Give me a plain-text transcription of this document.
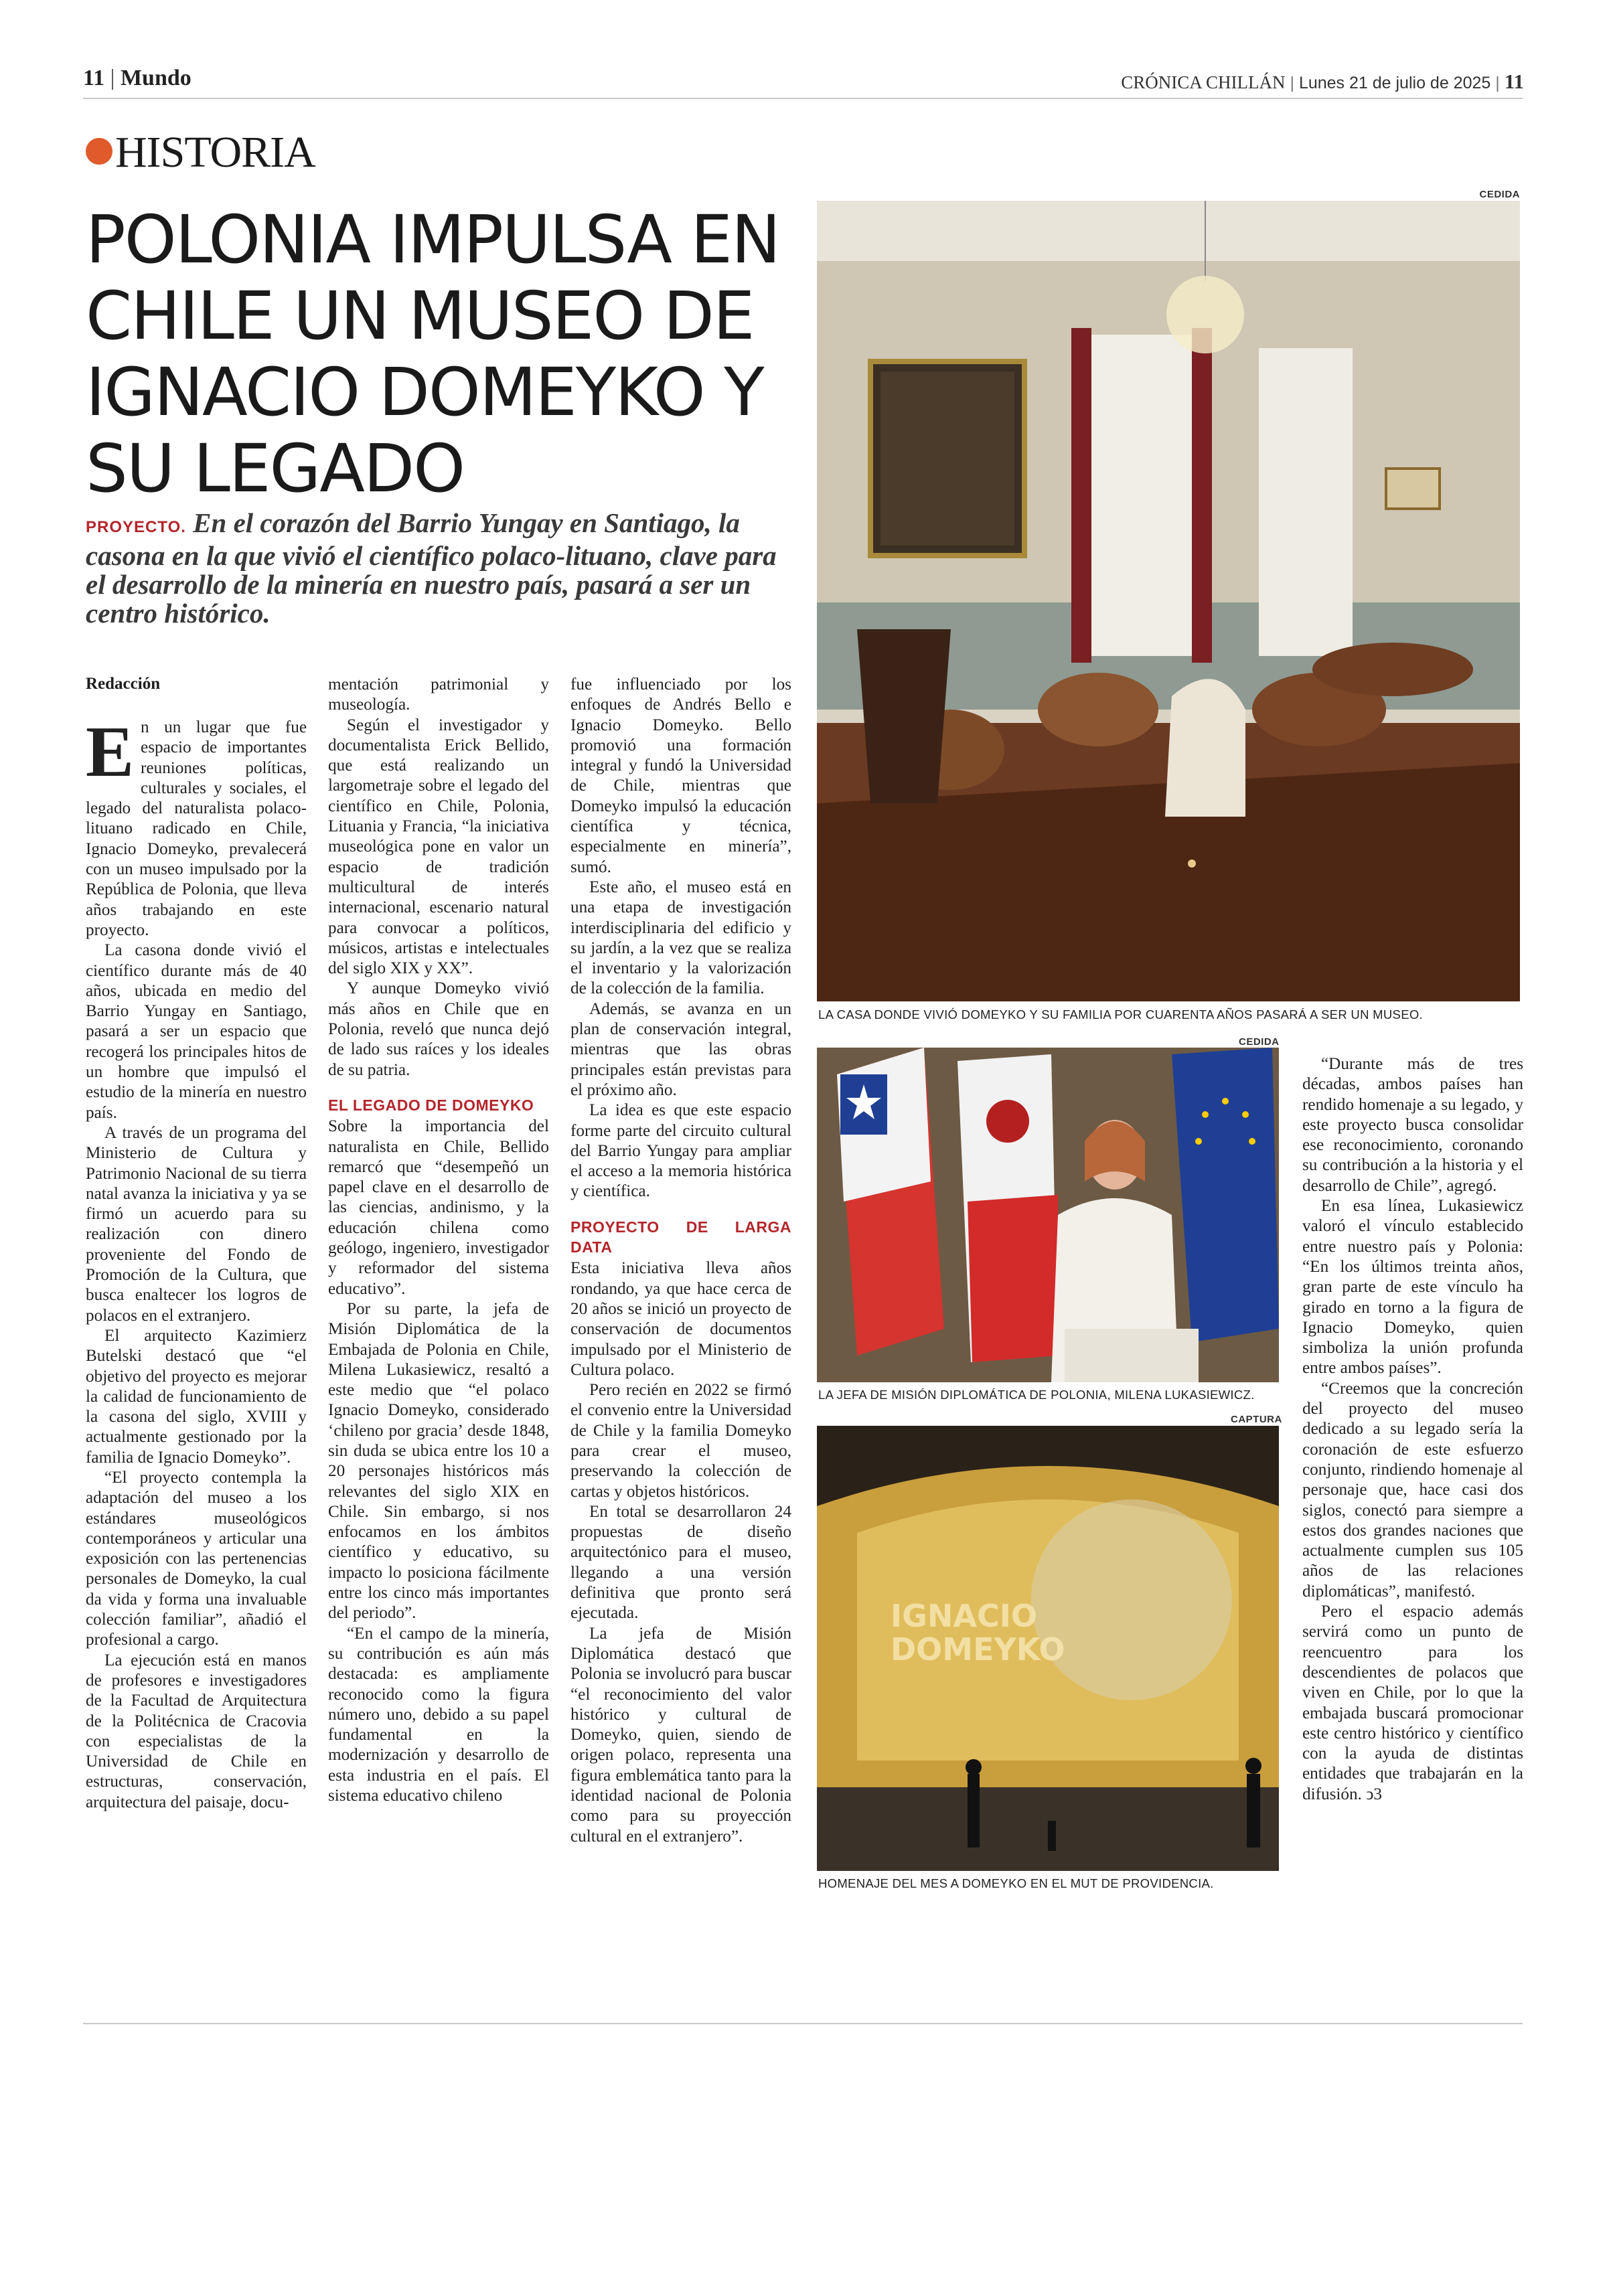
11 | Mundo	CRÓNICA CHILLÁN | Lunes 21 de julio de 2025 | 11
HISTORIA
POLONIA IMPULSA EN CHILE UN MUSEO DE IGNACIO DOMEYKO Y SU LEGADO
PROYECTO. En el corazón del Barrio Yungay en Santiago, la casona en la que vivió el científico polaco-lituano, clave para el desarrollo de la minería en nuestro país, pasará a ser un centro histórico.
Redacción
E n un lugar que fue espacio de importantes reuniones políticas, culturales y sociales, el legado del naturalista polaco-lituano radicado en Chile, Ignacio Domeyko, prevalecerá con un museo impulsado por la República de Polonia, que lleva años trabajando en este proyecto.

La casona donde vivió el científico durante más de 40 años, ubicada en medio del Barrio Yungay en Santiago, pasará a ser un espacio que recogerá los principales hitos de un hombre que impulsó el estudio de la minería en nuestro país.

A través de un programa del Ministerio de Cultura y Patrimonio Nacional de su tierra natal avanza la iniciativa y ya se firmó un acuerdo para su realización con dinero proveniente del Fondo de Promoción de la Cultura, que busca enaltecer los logros de polacos en el extranjero.

El arquitecto Kazimierz Butelski destacó que “el objetivo del proyecto es mejorar la calidad de funcionamiento de la casona del siglo, XVIII y actualmente gestionado por la familia de Ignacio Domeyko”.

“El proyecto contempla la adaptación del museo a los estándares museológicos contemporáneos y articular una exposición con las pertenencias personales de Domeyko, la cual da vida y forma una invaluable colección familiar”, añadió el profesional a cargo.

La ejecución está en manos de profesores e investigadores de la Facultad de Arquitectura de la Politécnica de Cracovia con especialistas de la Universidad de Chile en estructuras, conservación, arquitectura del paisaje, docu-

mentación patrimonial y museología.

Según el investigador y documentalista Erick Bellido, que está realizando un largometraje sobre el legado del científico en Chile, Polonia, Lituania y Francia, “la iniciativa museológica pone en valor un espacio de tradición multicultural de interés internacional, escenario natural para convocar a políticos, músicos, artistas e intelectuales del siglo XIX y XX”.

Y aunque Domeyko vivió más años en Chile que en Polonia, reveló que nunca dejó de lado sus raíces y los ideales de su patria.

EL LEGADO DE DOMEYKO

Sobre la importancia del naturalista en Chile, Bellido remarcó que “desempeñó un papel clave en el desarrollo de las ciencias, andinismo, y la educación chilena como geólogo, ingeniero, investigador y reformador del sistema educativo”.

Por su parte, la jefa de Misión Diplomática de la Embajada de Polonia en Chile, Milena Lukasiewicz, resaltó a este medio que “el polaco Ignacio Domeyko, considerado ‘chileno por gracia’ desde 1848, sin duda se ubica entre los 10 a 20 personajes históricos más relevantes del siglo XIX en Chile. Sin embargo, si nos enfocamos en los ámbitos científico y educativo, su impacto lo posiciona fácilmente entre los cinco más importantes del periodo”.

“En el campo de la minería, su contribución es aún más destacada: es ampliamente reconocido como la figura número uno, debido a su papel fundamental en la modernización y desarrollo de esta industria en el país. El sistema educativo chileno

fue influenciado por los enfoques de Andrés Bello e Ignacio Domeyko. Bello promovió una formación integral y fundó la Universidad de Chile, mientras que Domeyko impulsó la educación científica y técnica, especialmente en minería”, sumó.

Este año, el museo está en una etapa de investigación interdisciplinaria del edificio y su jardín, a la vez que se realiza el inventario y la valorización de la colección de la familia.

Además, se avanza en un plan de conservación integral, mientras que las obras principales están previstas para el próximo año.

La idea es que este espacio forme parte del circuito cultural del Barrio Yungay para ampliar el acceso a la memoria histórica y científica.

PROYECTO DE LARGA DATA

Esta iniciativa lleva años rondando, ya que hace cerca de 20 años se inició un proyecto de conservación de documentos impulsado por el Ministerio de Cultura polaco.

Pero recién en 2022 se firmó el convenio entre la Universidad de Chile y la familia Domeyko para crear el museo, preservando la colección de cartas y objetos históricos.

En total se desarrollaron 24 propuestas de diseño arquitectónico para el museo, llegando a una versión definitiva que pronto será ejecutada.

La jefa de Misión Diplomática destacó que Polonia se involucró para buscar “el reconocimiento del valor histórico y cultural de Domeyko, quien, siendo de origen polaco, representa una figura emblemática tanto para la identidad nacional de Polonia como para su proyección cultural en el extranjero”.

CEDIDA
LA CASA DONDE VIVIÓ DOMEYKO Y SU FAMILIA POR CUARENTA AÑOS PASARÁ A SER UN MUSEO.
CEDIDA
LA JEFA DE MISIÓN DIPLOMÁTICA DE POLONIA, MILENA LUKASIEWICZ.
CAPTURA
IGNACIO
DOMEYKO
HOMENAJE DEL MES A DOMEYKO EN EL MUT DE PROVIDENCIA.

“Durante más de tres décadas, ambos países han rendido homenaje a su legado, y este proyecto busca consolidar ese reconocimiento, coronando su contribución a la historia y el desarrollo de Chile”, agregó.

En esa línea, Lukasiewicz valoró el vínculo establecido entre nuestro país y Polonia: “En los últimos treinta años, gran parte de este vínculo ha girado en torno a la figura de Ignacio Domeyko, quien simboliza la unión profunda entre ambos países”.

“Creemos que la concreción del proyecto del museo dedicado a su legado sería la coronación de este esfuerzo conjunto, rindiendo homenaje al personaje que, hace casi dos siglos, conectó para siempre a estos dos grandes naciones que actualmente cumplen sus 105 años de las relaciones diplomáticas”, manifestó.

Pero el espacio además servirá como un punto de reencuentro para los descendientes de polacos que viven en Chile, por lo que la embajada buscará promocionar este centro histórico y científico con la ayuda de distintas entidades que trabajarán en la difusión. ↄ3
